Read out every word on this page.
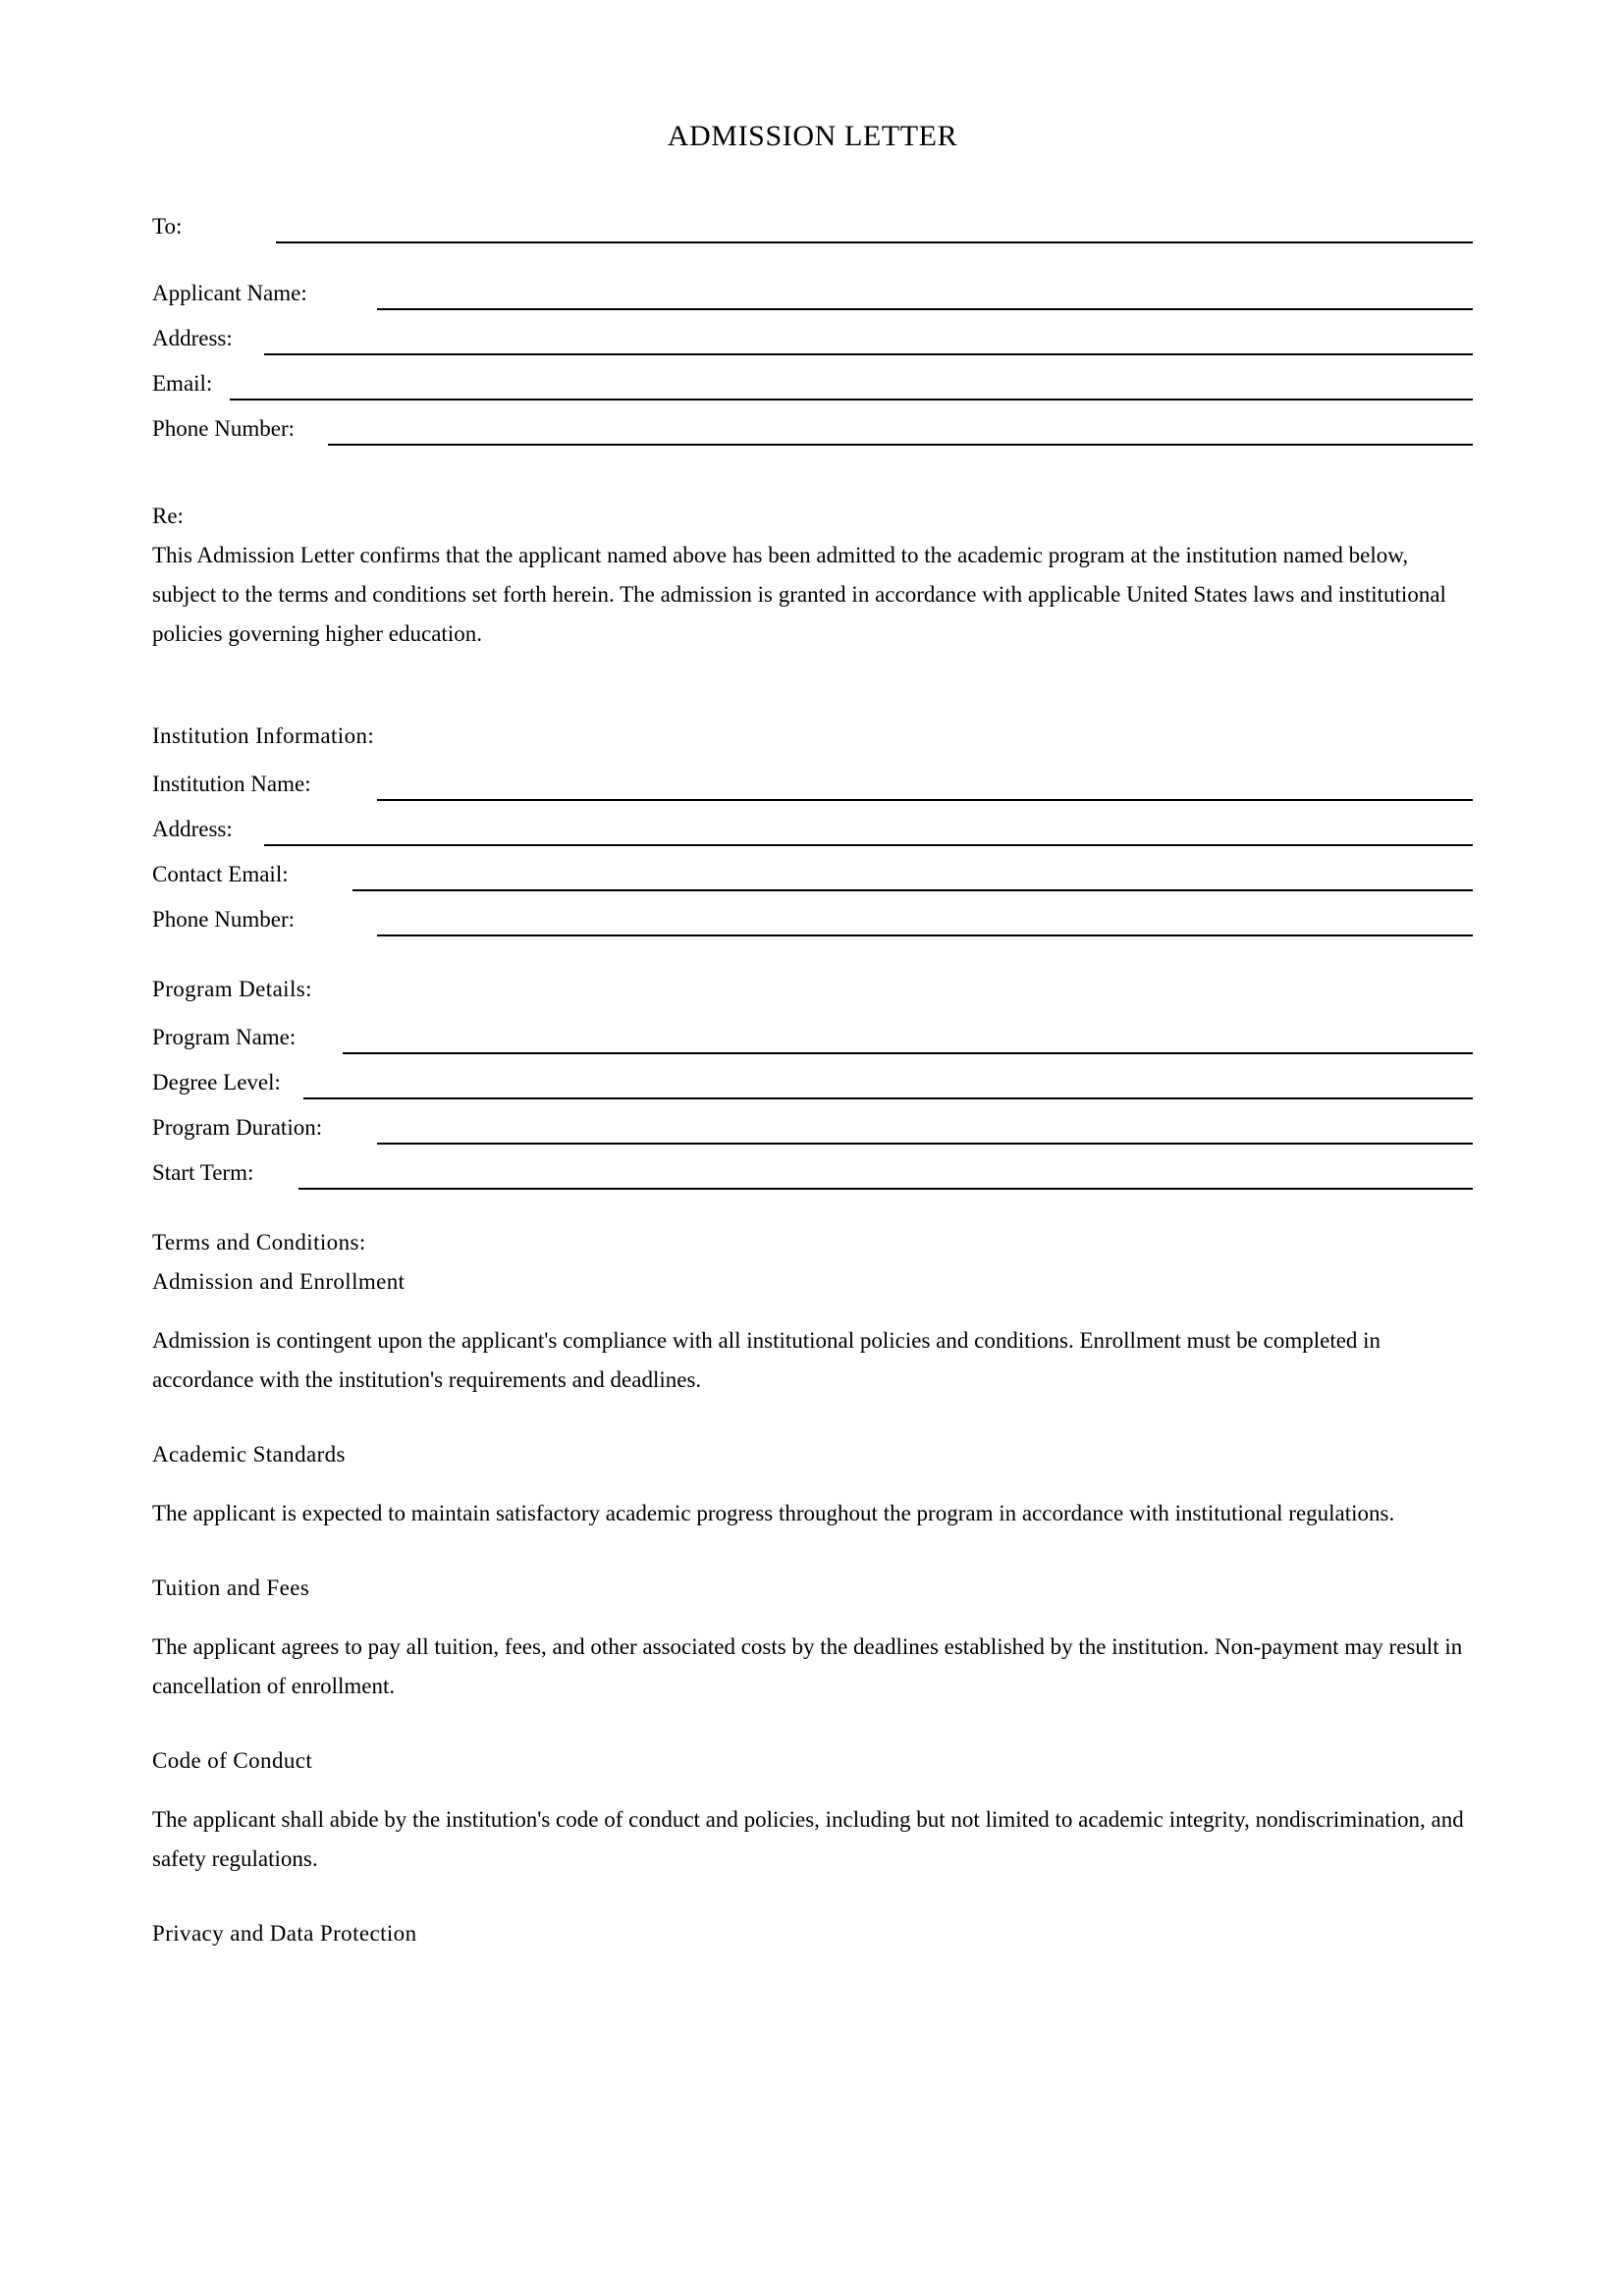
ADMISSION LETTER
To:
Applicant Name:
Address:
Email:
Phone Number:

Re:

This Admission Letter confirms that the applicant named above has been admitted to the academic program at the institution named below, subject to the terms and conditions set forth herein. The admission is granted in accordance with applicable United States laws and institutional policies governing higher education.

Institution Information:

Institution Name:
Address:
Contact Email:
Phone Number:

Program Details:

Program Name:
Degree Level:
Program Duration:
Start Term:

Terms and Conditions:

Admission and Enrollment

Admission is contingent upon the applicant's compliance with all institutional policies and conditions. Enrollment must be completed in accordance with the institution's requirements and deadlines.

Academic Standards

The applicant is expected to maintain satisfactory academic progress throughout the program in accordance with institutional regulations.

Tuition and Fees

The applicant agrees to pay all tuition, fees, and other associated costs by the deadlines established by the institution. Non-payment may result in cancellation of enrollment.

Code of Conduct

The applicant shall abide by the institution's code of conduct and policies, including but not limited to academic integrity, nondiscrimination, and safety regulations.

Privacy and Data Protection
